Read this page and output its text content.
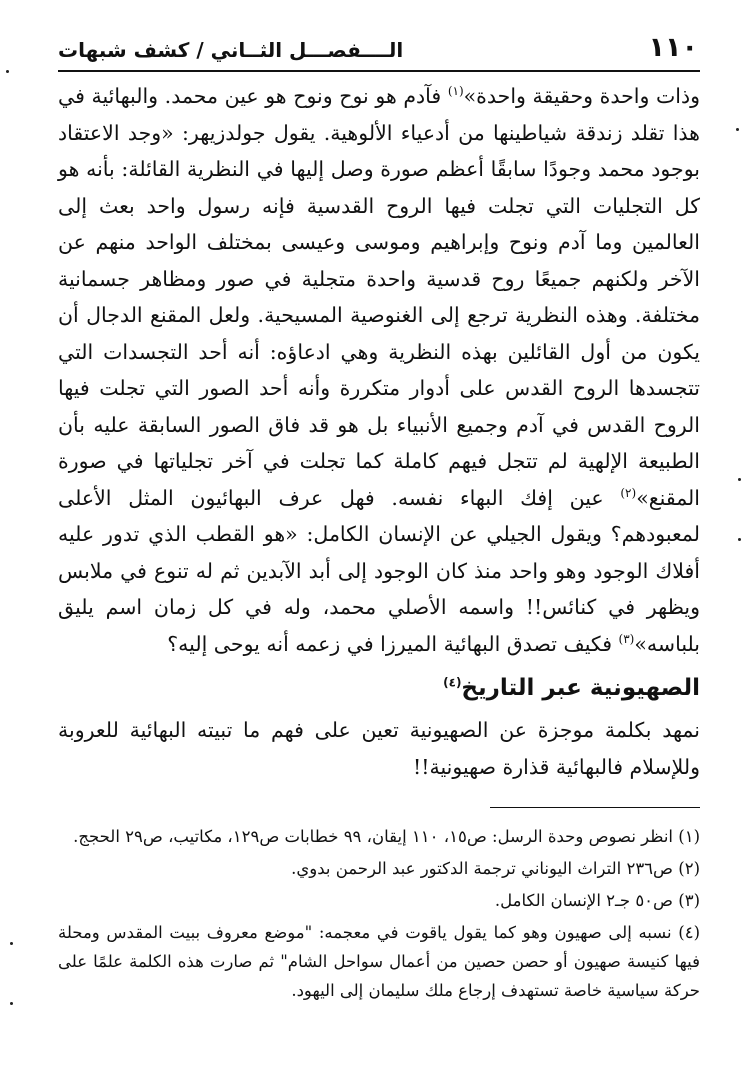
١١٠
الــــفصـــل الثــاني / كشف شبهات

وذات واحدة وحقيقة واحدة»$^{(١)}$ فآدم هو نوح ونوح هو عين محمد. والبهائية في هذا تقلد زندقة شياطينها من أدعياء الألوهية. يقول جولدزيهر: «وجد الاعتقاد بوجود محمد وجودًا سابقًا أعظم صورة وصل إليها في النظرية القائلة: بأنه هو كل التجليات التي تجلت فيها الروح القدسية فإنه رسول واحد بعث إلى العالمين وما آدم ونوح وإبراهيم وموسى وعيسى بمختلف الواحد منهم عن الآخر ولكنهم جميعًا روح قدسية واحدة متجلية في صور ومظاهر جسمانية مختلفة. وهذه النظرية ترجع إلى الغنوصية المسيحية. ولعل المقنع الدجال أن يكون من أول القائلين بهذه النظرية وهي ادعاؤه: أنه أحد التجسدات التي تتجسدها الروح القدس على أدوار متكررة وأنه أحد الصور التي تجلت فيها الروح القدس في آدم وجميع الأنبياء بل هو قد فاق الصور السابقة عليه بأن الطبيعة الإلهية لم تتجل فيهم كاملة كما تجلت في آخر تجلياتها في صورة المقنع»$^{(٢)}$ عين إفك البهاء نفسه. فهل عرف البهائيون المثل الأعلى لمعبودهم؟ ويقول الجيلي عن الإنسان الكامل: «هو القطب الذي تدور عليه أفلاك الوجود وهو واحد منذ كان الوجود إلى أبد الآبدين ثم له تنوع في ملابس ويظهر في كنائس!! واسمه الأصلي محمد، وله في كل زمان اسم يليق بلباسه»$^{(٣)}$ فكيف تصدق البهائية الميرزا في زعمه أنه يوحى إليه؟

الصهيونية عبر التاريخ$^{(٤)}$

نمهد بكلمة موجزة عن الصهيونية تعين على فهم ما تبيته البهائية للعروبة وللإسلام فالبهائية قذارة صهيونية!!

(١) انظر نصوص وحدة الرسل: ص١٥، ١١٠ إيقان، ٩٩ خطابات ص١٢٩، مكاتيب، ص٢٩ الحجج.

(٢) ص٢٣٦ التراث اليوناني ترجمة الدكتور عبد الرحمن بدوي.

(٣) ص٥٠ جـ٢ الإنسان الكامل.

(٤) نسبه إلى صهيون وهو كما يقول ياقوت في معجمه: "موضع معروف ببيت المقدس ومحلة فيها كنيسة صهيون أو حصن حصين من أعمال سواحل الشام" ثم صارت هذه الكلمة علمًا على حركة سياسية خاصة تستهدف إرجاع ملك سليمان إلى اليهود.
